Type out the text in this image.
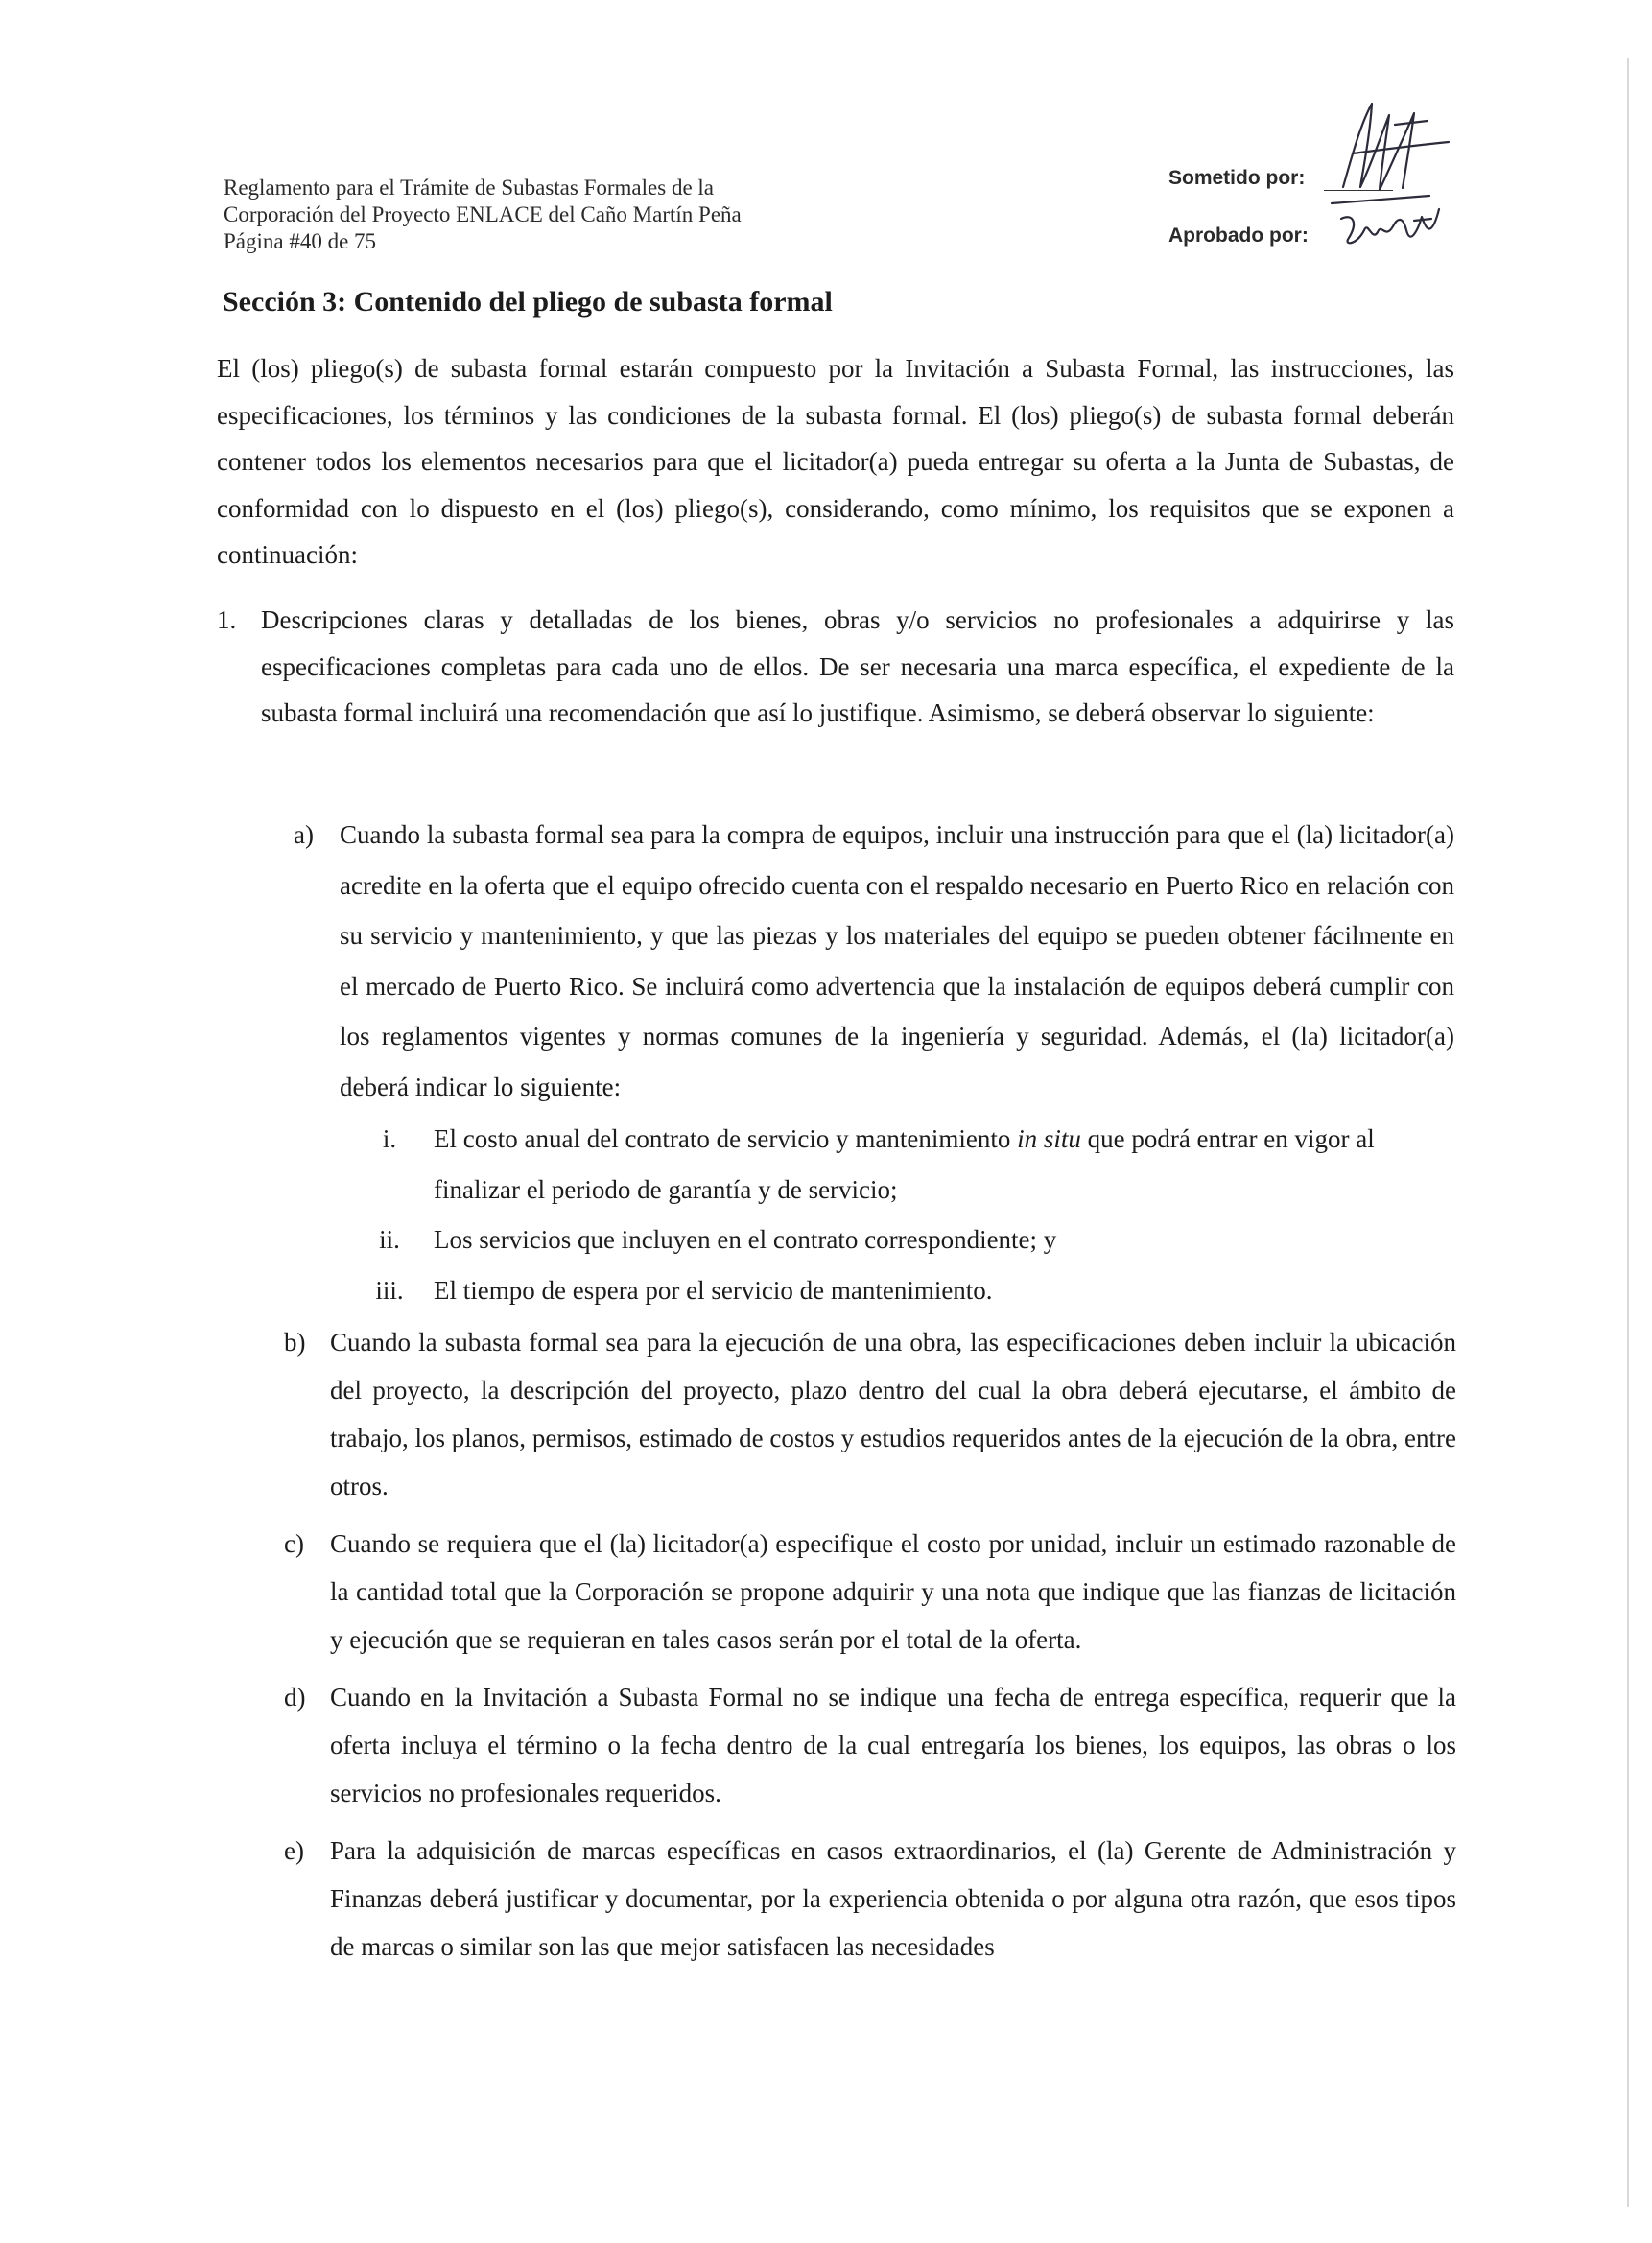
Reglamento para el Trámite de Subastas Formales de la
Corporación del Proyecto ENLACE del Caño Martín Peña
Página #40 de 75
Sometido por:
Aprobado por:
Sección 3: Contenido del pliego de subasta formal

El (los) pliego(s) de subasta formal estarán compuesto por la Invitación a Subasta Formal, las instrucciones, las especificaciones, los términos y las condiciones de la subasta formal. El (los) pliego(s) de subasta formal deberán contener todos los elementos necesarios para que el licitador(a) pueda entregar su oferta a la Junta de Subastas, de conformidad con lo dispuesto en el (los) pliego(s), considerando, como mínimo, los requisitos que se exponen a continuación:

1. Descripciones claras y detalladas de los bienes, obras y/o servicios no profesionales a adquirirse y las especificaciones completas para cada uno de ellos. De ser necesaria una marca específica, el expediente de la subasta formal incluirá una recomendación que así lo justifique. Asimismo, se deberá observar lo siguiente:
a) Cuando la subasta formal sea para la compra de equipos, incluir una instrucción para que el (la) licitador(a) acredite en la oferta que el equipo ofrecido cuenta con el respaldo necesario en Puerto Rico en relación con su servicio y mantenimiento, y que las piezas y los materiales del equipo se pueden obtener fácilmente en el mercado de Puerto Rico. Se incluirá como advertencia que la instalación de equipos deberá cumplir con los reglamentos vigentes y normas comunes de la ingeniería y seguridad. Además, el (la) licitador(a) deberá indicar lo siguiente:
i.	El costo anual del contrato de servicio y mantenimiento in situ que podrá entrar en vigor al finalizar el periodo de garantía y de servicio;
ii.	Los servicios que incluyen en el contrato correspondiente; y
iii. El tiempo de espera por el servicio de mantenimiento.
b) Cuando la subasta formal sea para la ejecución de una obra, las especificaciones deben incluir la ubicación del proyecto, la descripción del proyecto, plazo dentro del cual la obra deberá ejecutarse, el ámbito de trabajo, los planos, permisos, estimado de costos y estudios requeridos antes de la ejecución de la obra, entre otros.
c) Cuando se requiera que el (la) licitador(a) especifique el costo por unidad, incluir un estimado razonable de la cantidad total que la Corporación se propone adquirir y una nota que indique que las fianzas de licitación y ejecución que se requieran en tales casos serán por el total de la oferta.
d) Cuando en la Invitación a Subasta Formal no se indique una fecha de entrega específica, requerir que la oferta incluya el término o la fecha dentro de la cual entregaría los bienes, los equipos, las obras o los servicios no profesionales requeridos.
e) Para la adquisición de marcas específicas en casos extraordinarios, el (la) Gerente de Administración y Finanzas deberá justificar y documentar, por la experiencia obtenida o por alguna otra razón, que esos tipos de marcas o similar son las que mejor satisfacen las necesidades
